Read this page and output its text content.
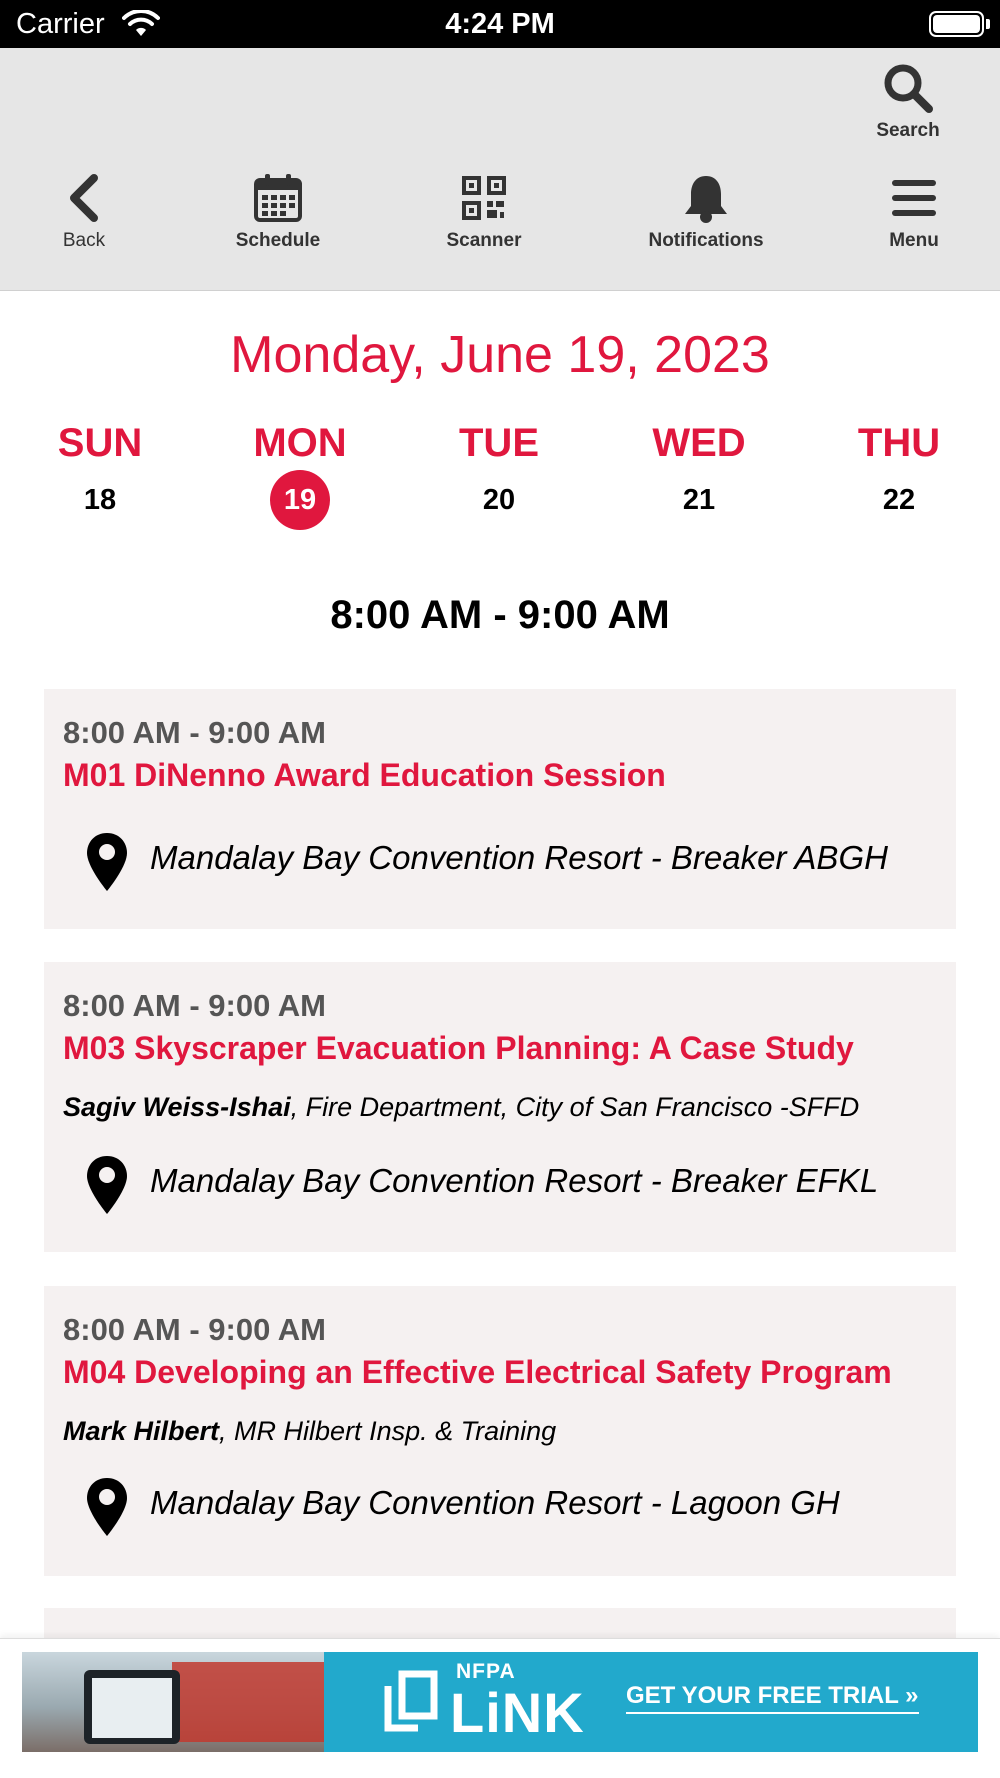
Carrier	4:24 PM
Search
Back	Schedule	Scanner	Notifications	Menu
Monday, June 19, 2023
SUN
18
MON
19
TUE
20
WED
21
THU
22
8:00 AM - 9:00 AM
8:00 AM - 9:00 AM
M01 DiNenno Award Education Session
Mandalay Bay Convention Resort - Breaker ABGH
8:00 AM - 9:00 AM
M03 Skyscraper Evacuation Planning: A Case Study
Sagiv Weiss-Ishai, Fire Department, City of San Francisco -SFFD
Mandalay Bay Convention Resort - Breaker EFKL
8:00 AM - 9:00 AM
M04 Developing an Effective Electrical Safety Program
Mark Hilbert, MR Hilbert Insp. & Training
Mandalay Bay Convention Resort - Lagoon GH
NFPA
LiNK GET YOUR FREE TRIAL »
